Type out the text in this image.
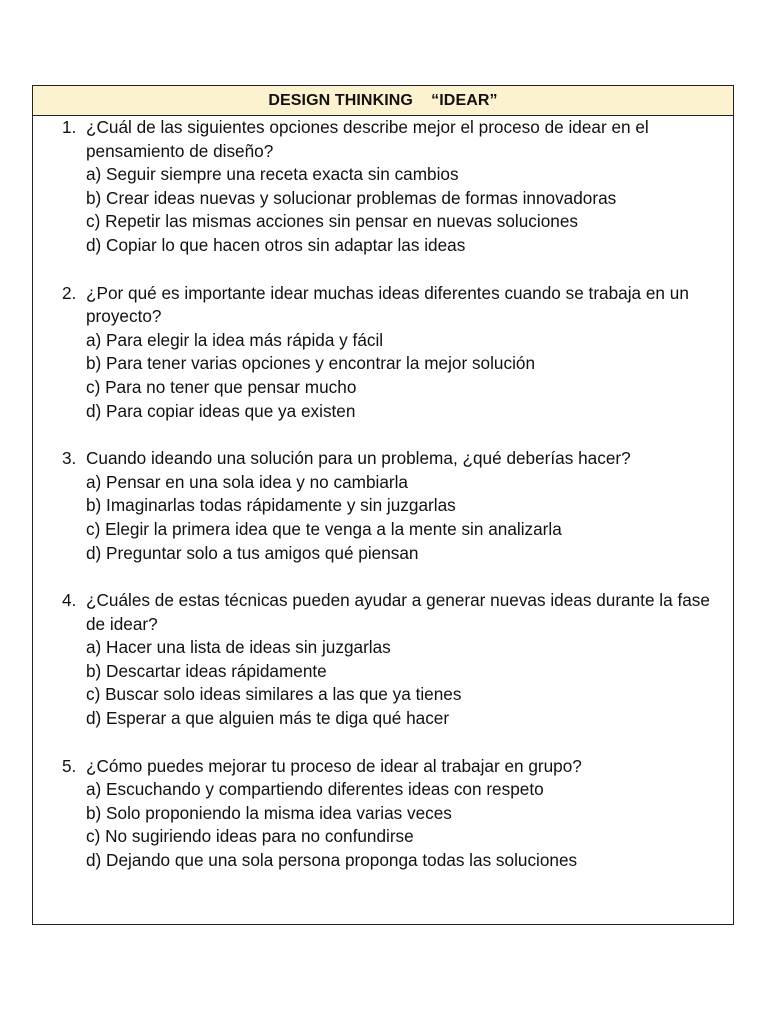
DESIGN THINKING    “IDEAR”
1. ¿Cuál de las siguientes opciones describe mejor el proceso de idear en el pensamiento de diseño?
a) Seguir siempre una receta exacta sin cambios
b) Crear ideas nuevas y solucionar problemas de formas innovadoras
c) Repetir las mismas acciones sin pensar en nuevas soluciones
d) Copiar lo que hacen otros sin adaptar las ideas
2. ¿Por qué es importante idear muchas ideas diferentes cuando se trabaja en un proyecto?
a) Para elegir la idea más rápida y fácil
b) Para tener varias opciones y encontrar la mejor solución
c) Para no tener que pensar mucho
d) Para copiar ideas que ya existen
3. Cuando ideando una solución para un problema, ¿qué deberías hacer?
a) Pensar en una sola idea y no cambiarla
b) Imaginarlas todas rápidamente y sin juzgarlas
c) Elegir la primera idea que te venga a la mente sin analizarla
d) Preguntar solo a tus amigos qué piensan
4. ¿Cuáles de estas técnicas pueden ayudar a generar nuevas ideas durante la fase de idear?
a) Hacer una lista de ideas sin juzgarlas
b) Descartar ideas rápidamente
c) Buscar solo ideas similares a las que ya tienes
d) Esperar a que alguien más te diga qué hacer
5. ¿Cómo puedes mejorar tu proceso de idear al trabajar en grupo?
a) Escuchando y compartiendo diferentes ideas con respeto
b) Solo proponiendo la misma idea varias veces
c) No sugiriendo ideas para no confundirse
d) Dejando que una sola persona proponga todas las soluciones
